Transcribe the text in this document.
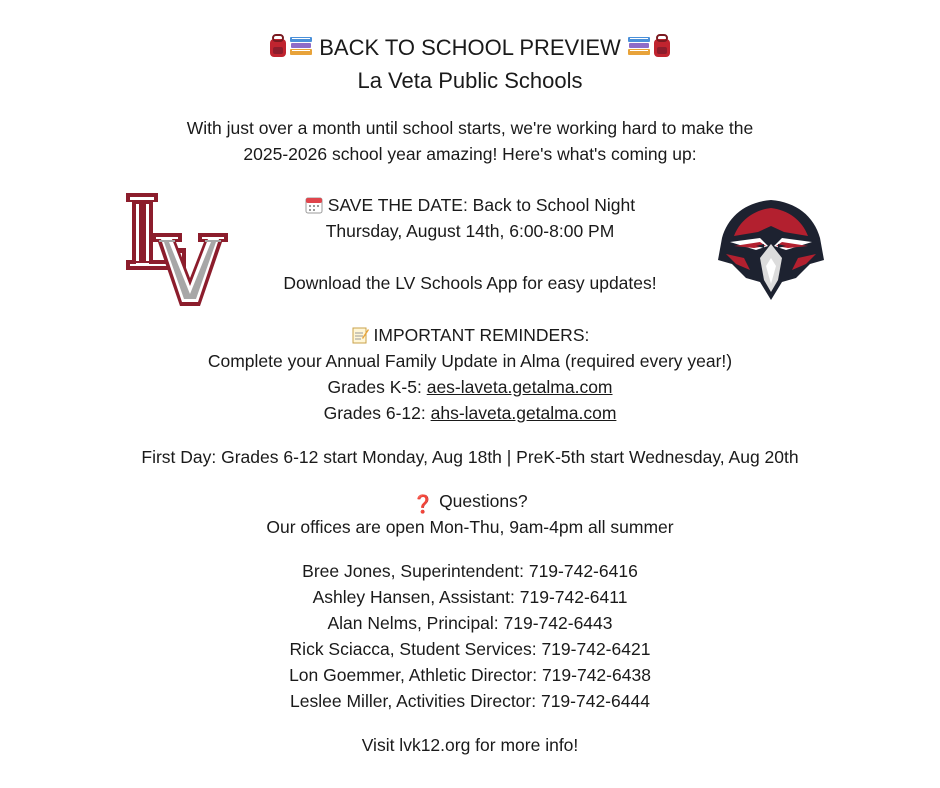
BACK TO SCHOOL PREVIEW
La Veta Public Schools
With just over a month until school starts, we're working hard to make the
2025-2026 school year amazing! Here's what's coming up:
SAVE THE DATE: Back to School Night
Thursday, August 14th, 6:00-8:00 PM
Download the LV Schools App for easy updates!
IMPORTANT REMINDERS:
Complete your Annual Family Update in Alma (required every year!)
Grades K-5: aes-laveta.getalma.com
Grades 6-12: ahs-laveta.getalma.com
First Day: Grades 6-12 start Monday, Aug 18th | PreK-5th start Wednesday, Aug 20th
❓ Questions?
Our offices are open Mon-Thu, 9am-4pm all summer
Bree Jones, Superintendent: 719-742-6416
Ashley Hansen, Assistant: 719-742-6411
Alan Nelms, Principal: 719-742-6443
Rick Sciacca, Student Services: 719-742-6421
Lon Goemmer, Athletic Director: 719-742-6438
Leslee Miller, Activities Director: 719-742-6444
Visit lvk12.org for more info!
